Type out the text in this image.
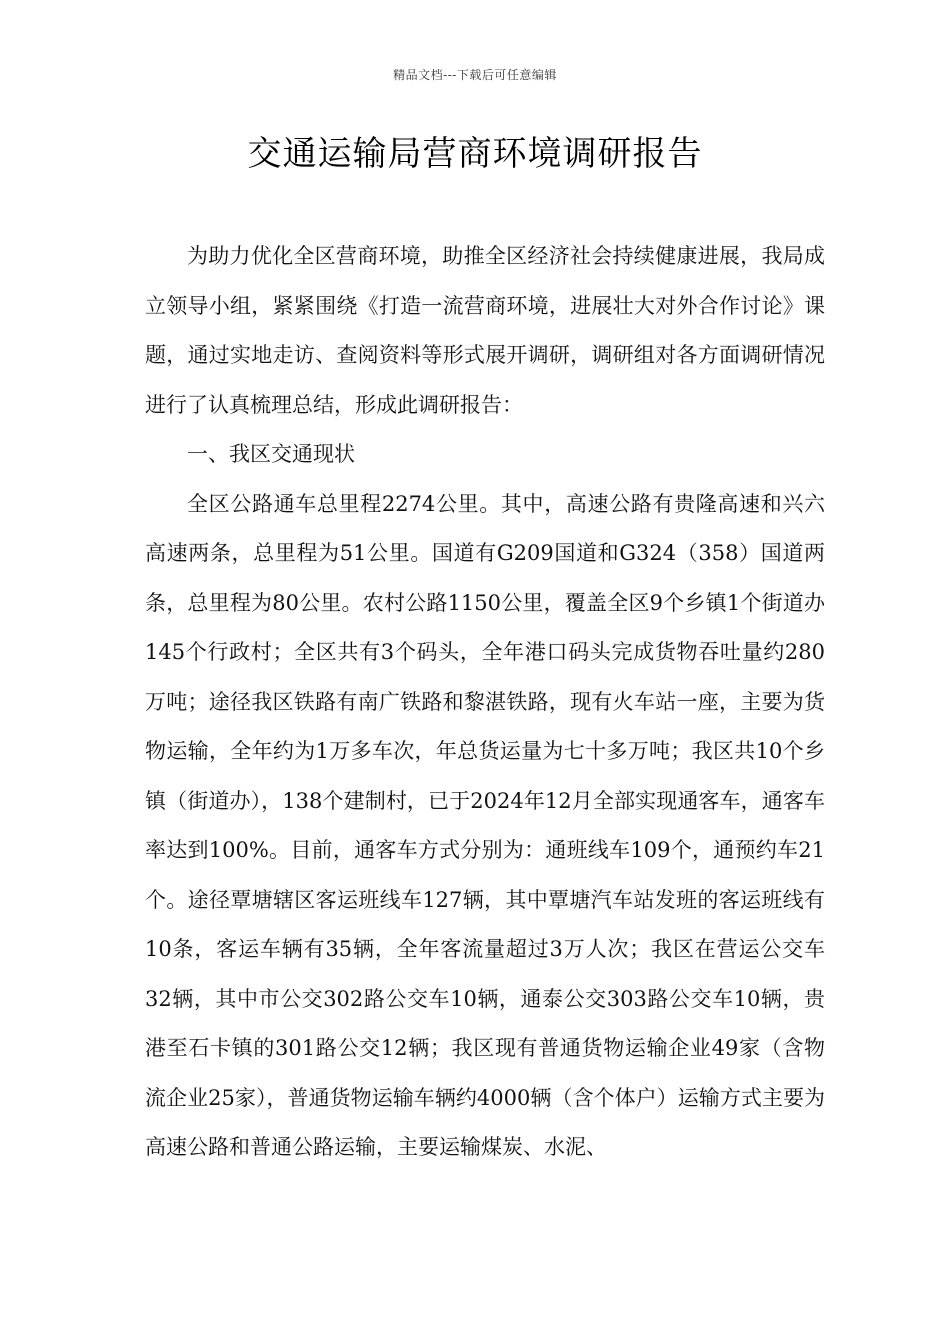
精品文档---下载后可任意编辑
交通运输局营商环境调研报告

为助力优化全区营商环境，助推全区经济社会持续健康进展，我局成立领导小组，紧紧围绕《打造一流营商环境，进展壮大对外合作讨论》课题，通过实地走访、查阅资料等形式展开调研，调研组对各方面调研情况进行了认真梳理总结，形成此调研报告：

一、我区交通现状

全区公路通车总里程2274公里。其中，高速公路有贵隆高速和兴六高速两条，总里程为51公里。国道有G209国道和G324（358）国道两条，总里程为80公里。农村公路1150公里，覆盖全区9个乡镇1个街道办145个行政村；全区共有3个码头，全年港口码头完成货物吞吐量约280万吨；途径我区铁路有南广铁路和黎湛铁路，现有火车站一座，主要为货物运输，全年约为1万多车次，年总货运量为七十多万吨；我区共10个乡镇（街道办），138个建制村，已于2024年12月全部实现通客车，通客车率达到100%。目前，通客车方式分别为：通班线车109个，通预约车21个。途径覃塘辖区客运班线车127辆，其中覃塘汽车站发班的客运班线有10条，客运车辆有35辆，全年客流量超过3万人次；我区在营运公交车32辆，其中市公交302路公交车10辆，通泰公交303路公交车10辆，贵港至石卡镇的301路公交12辆；我区现有普通货物运输企业49家（含物流企业25家），普通货物运输车辆约4000辆（含个体户）运输方式主要为高速公路和普通公路运输，主要运输煤炭、水泥、
